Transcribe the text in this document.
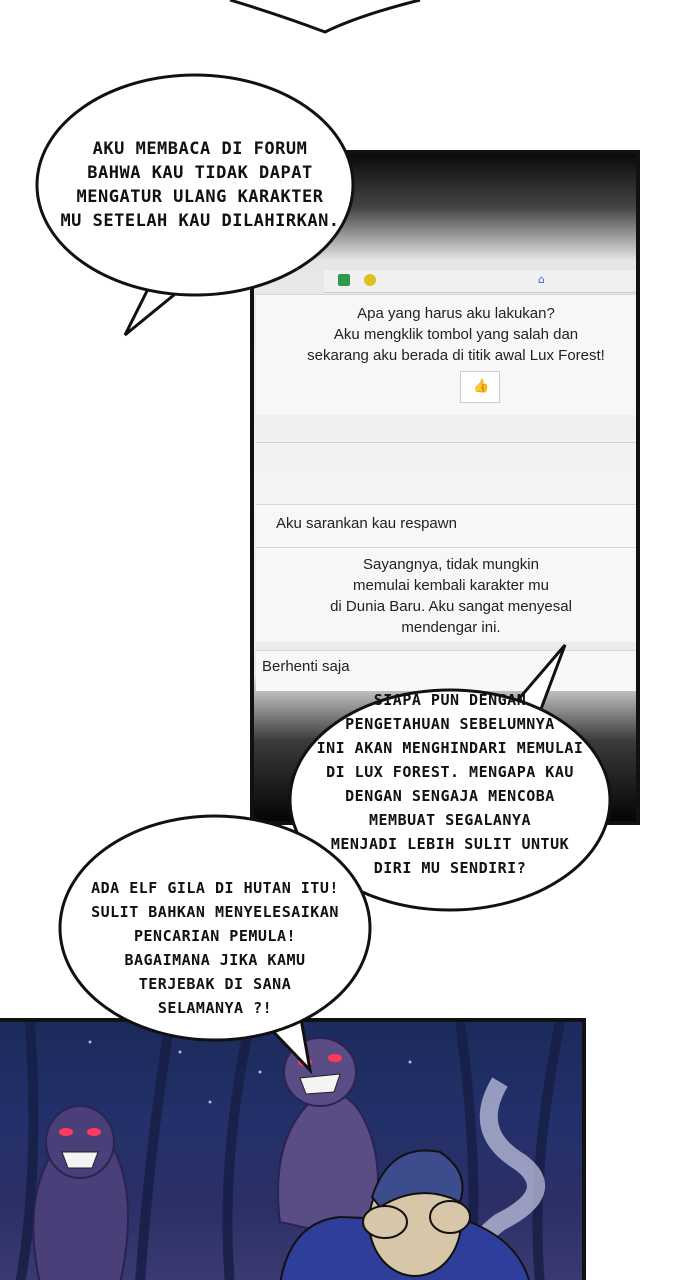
⌂
Apa yang harus aku lakukan?
Aku mengklik tombol yang salah dan
sekarang aku berada di titik awal Lux Forest!
👍
Aku sarankan kau respawn
Sayangnya, tidak mungkin
memulai kembali karakter mu
di Dunia Baru. Aku sangat menyesal
mendengar ini.
Berhenti saja
AKU MEMBACA DI FORUM
BAHWA KAU TIDAK DAPAT
MENGATUR ULANG KARAKTER
MU SETELAH KAU DILAHIRKAN.
SIAPA PUN DENGAN
PENGETAHUAN SEBELUMNYA
INI AKAN MENGHINDARI MEMULAI
DI LUX FOREST. MENGAPA KAU
DENGAN SENGAJA MENCOBA
MEMBUAT SEGALANYA
MENJADI LEBIH SULIT UNTUK
DIRI MU SENDIRI?
ADA ELF GILA DI HUTAN ITU!
SULIT BAHKAN MENYELESAIKAN
PENCARIAN PEMULA!
BAGAIMANA JIKA KAMU
TERJEBAK DI SANA
SELAMANYA ?!
